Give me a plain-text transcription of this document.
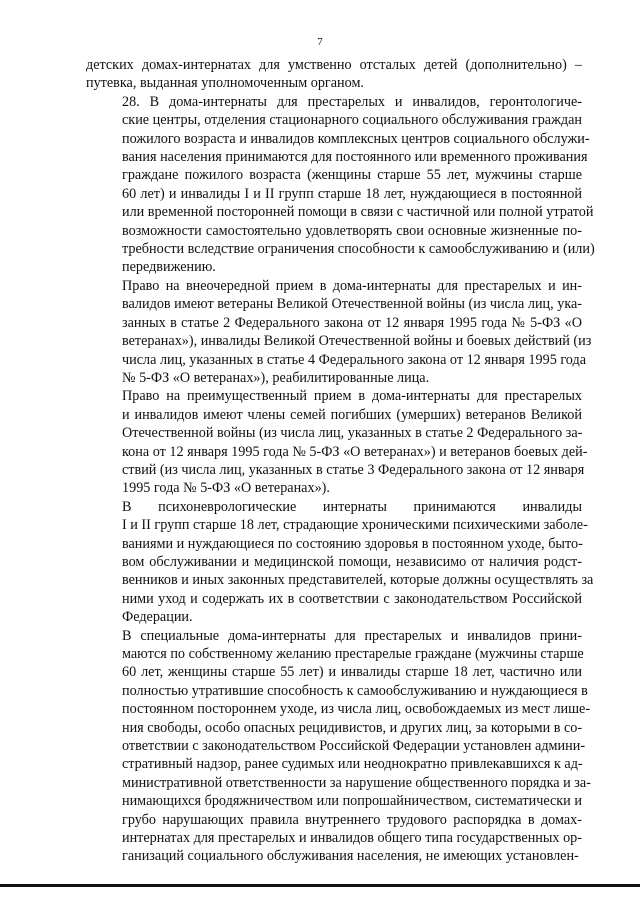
7
детских домах-интернатах для умственно отсталых детей (дополнительно) –
путевка, выданная уполномоченным органом.
28. В дома-интернаты для престарелых и инвалидов, геронтологиче-
ские центры, отделения стационарного социального обслуживания граждан
пожилого возраста и инвалидов комплексных центров социального обслужи-
вания населения принимаются для постоянного или временного проживания
граждане пожилого возраста (женщины старше 55 лет, мужчины старше
60 лет) и инвалиды I и II групп старше 18 лет, нуждающиеся в постоянной
или временной посторонней помощи в связи с частичной или полной утратой
возможности самостоятельно удовлетворять свои основные жизненные по-
требности вследствие ограничения способности к самообслуживанию и (или)
передвижению.
Право на внеочередной прием в дома-интернаты для престарелых и ин-
валидов имеют ветераны Великой Отечественной войны (из числа лиц, ука-
занных в статье 2 Федерального закона от 12 января 1995 года № 5-ФЗ «О
ветеранах»), инвалиды Великой Отечественной войны и боевых действий (из
числа лиц, указанных в статье 4 Федерального закона от 12 января 1995 года
№ 5-ФЗ «О ветеранах»), реабилитированные лица.
Право на преимущественный прием в дома-интернаты для престарелых
и инвалидов имеют члены семей погибших (умерших) ветеранов Великой
Отечественной войны (из числа лиц, указанных в статье 2 Федерального за-
кона от 12 января 1995 года № 5-ФЗ «О ветеранах») и ветеранов боевых дей-
ствий (из числа лиц, указанных в статье 3 Федерального закона от 12 января
1995 года № 5-ФЗ «О ветеранах»).
В психоневрологические интернаты принимаются инвалиды
I и II групп старше 18 лет, страдающие хроническими психическими заболе-
ваниями и нуждающиеся по состоянию здоровья в постоянном уходе, быто-
вом обслуживании и медицинской помощи, независимо от наличия родст-
венников и иных законных представителей, которые должны осуществлять за
ними уход и содержать их в соответствии с законодательством Российской
Федерации.
В специальные дома-интернаты для престарелых и инвалидов прини-
маются по собственному желанию престарелые граждане (мужчины старше
60 лет, женщины старше 55 лет) и инвалиды старше 18 лет, частично или
полностью утратившие способность к самообслуживанию и нуждающиеся в
постоянном постороннем уходе, из числа лиц, освобождаемых из мест лише-
ния свободы, особо опасных рецидивистов, и других лиц, за которыми в со-
ответствии с законодательством Российской Федерации установлен админи-
стративный надзор, ранее судимых или неоднократно привлекавшихся к ад-
министративной ответственности за нарушение общественного порядка и за-
нимающихся бродяжничеством или попрошайничеством, систематически и
грубо нарушающих правила внутреннего трудового распорядка в домах-
интернатах для престарелых и инвалидов общего типа государственных ор-
ганизаций социального обслуживания населения, не имеющих установлен-
